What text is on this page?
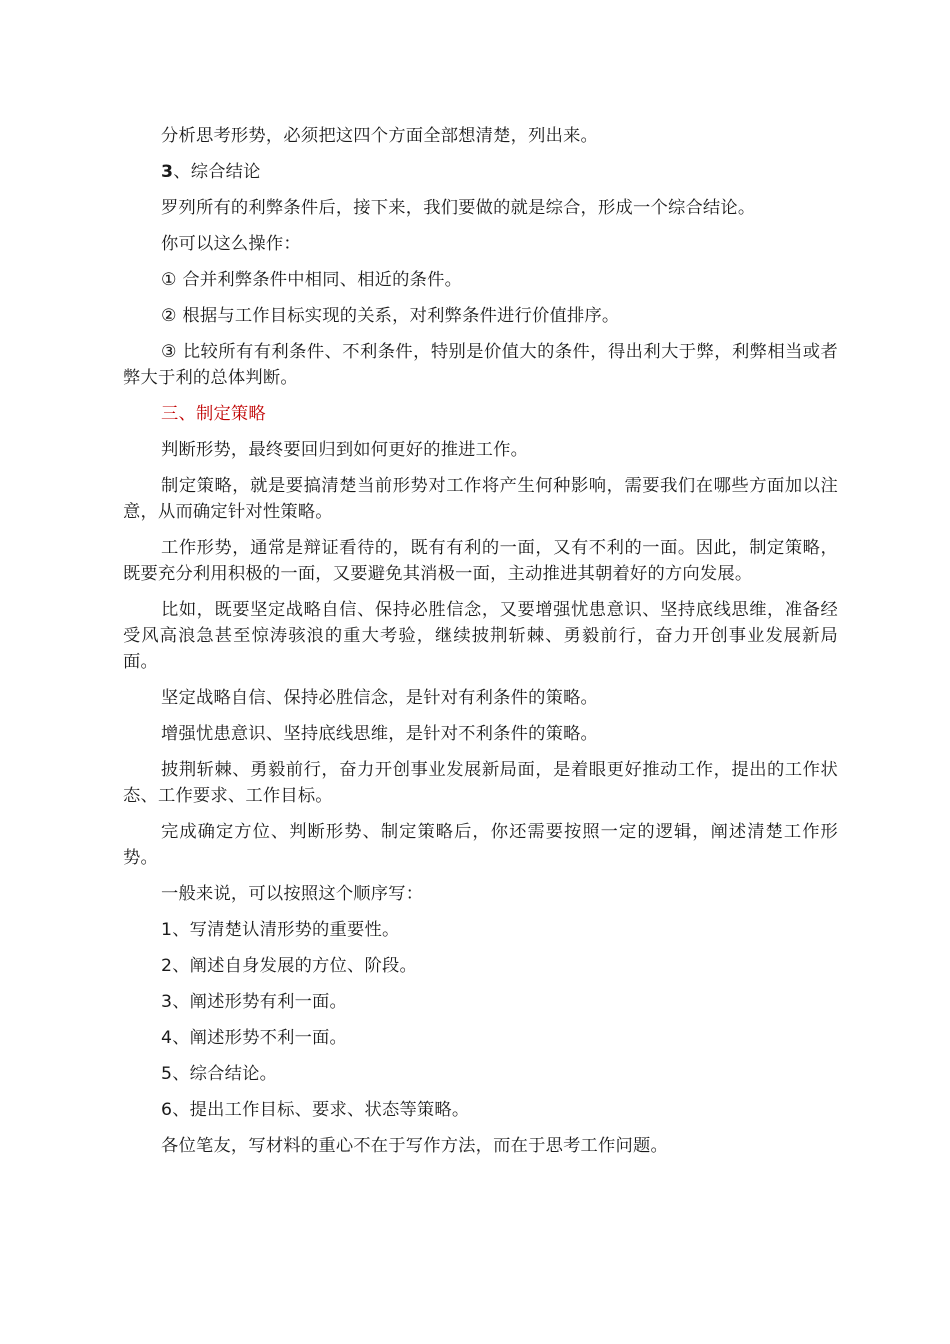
分析思考形势，必须把这四个方面全部想清楚，列出来。

3、综合结论

罗列所有的利弊条件后，接下来，我们要做的就是综合，形成一个综合结论。

你可以这么操作：

① 合并利弊条件中相同、相近的条件。

② 根据与工作目标实现的关系，对利弊条件进行价值排序。

③ 比较所有有利条件、不利条件，特别是价值大的条件，得出利大于弊，利弊相当或者弊大于利的总体判断。

三、制定策略

判断形势，最终要回归到如何更好的推进工作。

制定策略，就是要搞清楚当前形势对工作将产生何种影响，需要我们在哪些方面加以注意，从而确定针对性策略。

工作形势，通常是辩证看待的，既有有利的一面，又有不利的一面。因此，制定策略，既要充分利用积极的一面，又要避免其消极一面，主动推进其朝着好的方向发展。

比如，既要坚定战略自信、保持必胜信念，又要增强忧患意识、坚持底线思维，准备经受风高浪急甚至惊涛骇浪的重大考验，继续披荆斩棘、勇毅前行，奋力开创事业发展新局面。

坚定战略自信、保持必胜信念，是针对有利条件的策略。

增强忧患意识、坚持底线思维，是针对不利条件的策略。

披荆斩棘、勇毅前行，奋力开创事业发展新局面，是着眼更好推动工作，提出的工作状态、工作要求、工作目标。

完成确定方位、判断形势、制定策略后，你还需要按照一定的逻辑，阐述清楚工作形势。

一般来说，可以按照这个顺序写：

1、写清楚认清形势的重要性。

2、阐述自身发展的方位、阶段。

3、阐述形势有利一面。

4、阐述形势不利一面。

5、综合结论。

6、提出工作目标、要求、状态等策略。

各位笔友，写材料的重心不在于写作方法，而在于思考工作问题。
